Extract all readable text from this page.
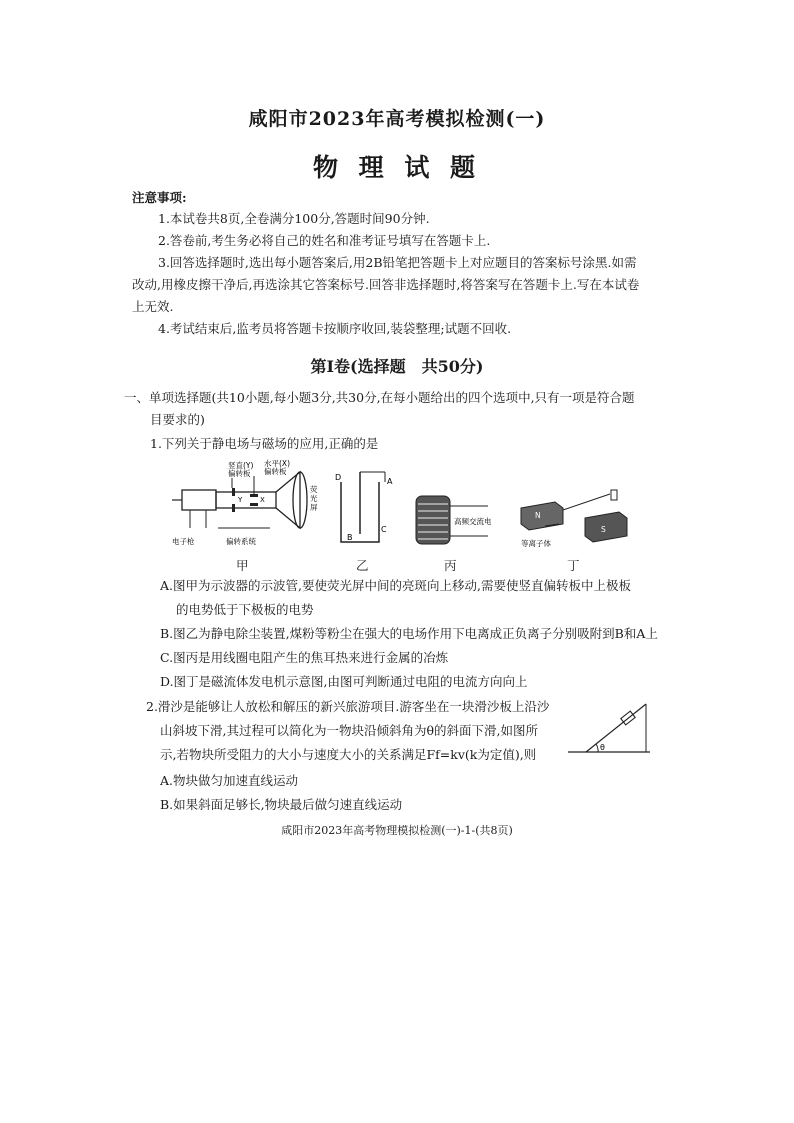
咸阳市2023年高考模拟检测(一)
物 理 试 题
注意事项:
1.本试卷共8页,全卷满分100分,答题时间90分钟.
2.答卷前,考生务必将自己的姓名和准考证号填写在答题卡上.
3.回答选择题时,选出每小题答案后,用2B铅笔把答题卡上对应题目的答案标号涂黑.如需
改动,用橡皮擦干净后,再选涂其它答案标号.回答非选择题时,将答案写在答题卡上.写在本试卷
上无效.
4.考试结束后,监考员将答题卡按顺序收回,装袋整理;试题不回收.
第Ⅰ卷(选择题　共50分)
一、单项选择题(共10小题,每小题3分,共30分,在每小题给出的四个选项中,只有一项是符合题
目要求的)
1.下列关于静电场与磁场的应用,正确的是
竖直(Y)
偏转板
水平(X)
偏转板
荧
光
屏
电子枪	偏转系统
Y	X
D	A
B
C
高频交流电
N
S
等离子体
甲	乙	丙	丁
A.图甲为示波器的示波管,要使荧光屏中间的亮斑向上移动,需要使竖直偏转板中上极板
的电势低于下极板的电势
B.图乙为静电除尘装置,煤粉等粉尘在强大的电场作用下电离成正负离子分别吸附到B和A上
C.图丙是用线圈电阻产生的焦耳热来进行金属的冶炼
D.图丁是磁流体发电机示意图,由图可判断通过电阻的电流方向向上
2.滑沙是能够让人放松和解压的新兴旅游项目.游客坐在一块滑沙板上沿沙
山斜坡下滑,其过程可以简化为一物块沿倾斜角为θ的斜面下滑,如图所
示,若物块所受阻力的大小与速度大小的关系满足Ff=kv(k为定值),则	θ
A.物块做匀加速直线运动
B.如果斜面足够长,物块最后做匀速直线运动
咸阳市2023年高考物理模拟检测(一)-1-(共8页)
